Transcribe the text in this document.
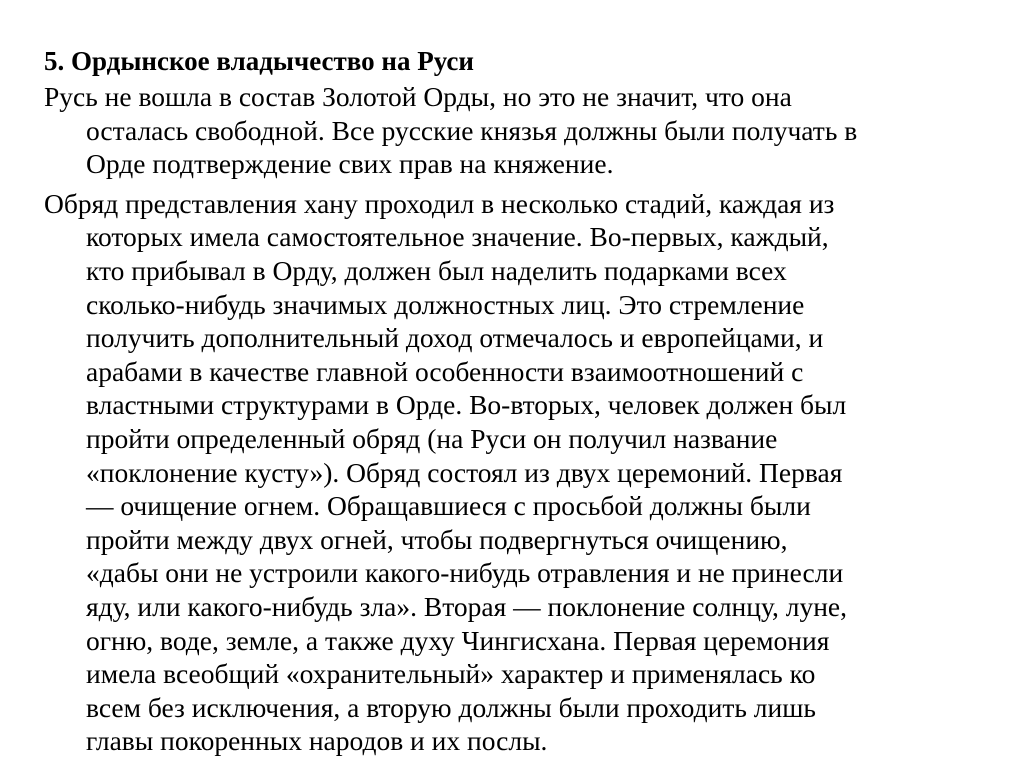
5. Ордынское владычество на Руси
Русь не вошла в состав Золотой Орды, но это не значит, что она
осталась свободной. Все русские князья должны были получать в
Орде подтверждение свих прав на княжение.
Обряд представления хану проходил в несколько стадий, каждая из
которых имела самостоятельное значение. Во-первых, каждый,
кто прибывал в Орду, должен был наделить подарками всех
сколько-нибудь значимых должностных лиц. Это стремление
получить дополнительный доход отмечалось и европейцами, и
арабами в качестве главной особенности взаимоотношений с
властными структурами в Орде. Во-вторых, человек должен был
пройти определенный обряд (на Руси он получил название
«поклонение кусту»). Обряд состоял из двух церемоний. Первая
— очищение огнем. Обращавшиеся с просьбой должны были
пройти между двух огней, чтобы подвергнуться очищению,
«дабы они не устроили какого-нибудь отравления и не принесли
яду, или какого-нибудь зла». Вторая — поклонение солнцу, луне,
огню, воде, земле, а также духу Чингисхана. Первая церемония
имела всеобщий «охранительный» характер и применялась ко
всем без исключения, а вторую должны были проходить лишь
главы покоренных народов и их послы.
